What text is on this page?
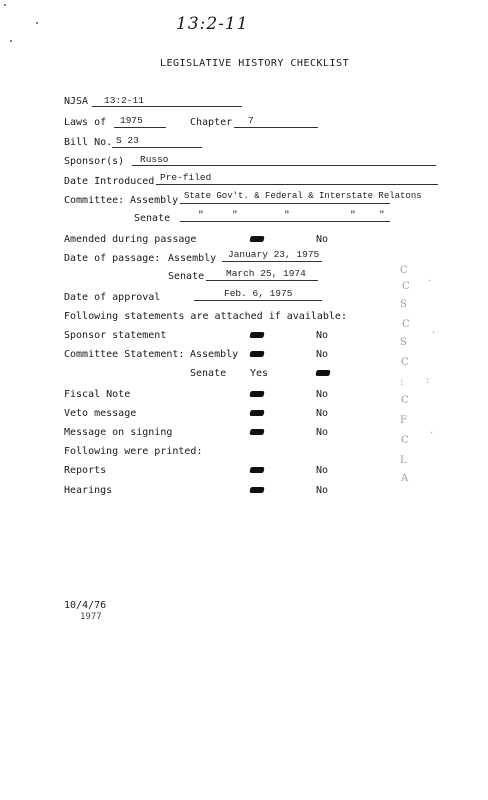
13:2-11
LEGISLATIVE HISTORY CHECKLIST
NJSA 13:2-11
Laws of 1975	Chapter 7
Bill No. S 23
Sponsor(s) Russo
Date Introduced Pre-filed
Committee: Assembly State Gov't. & Federal & Interstate Relatons
Senate	"	"	"	" "
Amended during passage	No
Date of passage: Assembly January 23, 1975
Senate March 25, 1974
Date of approval	Feb. 6, 1975
Following statements are attached if available:
Sponsor statement	No
Committee Statement: Assembly	No
Senate Yes
Fiscal Note	No
Veto message	No
Message on signing	No
Following were printed:
Reports	No
Hearings	No
C
C
S
C
S
C
:
C
F
C
L
A
.
.
:
.
10/4/76
1977
